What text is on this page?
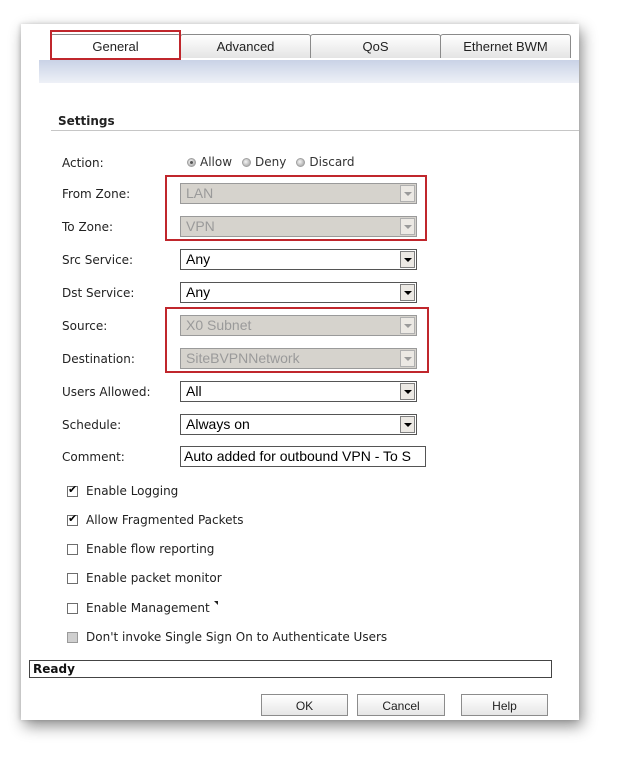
General	Advanced	QoS	Ethernet BWM
Settings
Action:	Allow Deny Discard
From Zone:	LAN
To Zone:	VPN
Src Service:	Any
Dst Service:	Any
Source:	X0 Subnet
Destination:	SiteBVPNNetwork
Users Allowed:	All
Schedule:	Always on
Comment:	Auto added for outbound VPN - To S
✔ Enable Logging
✔ Allow Fragmented Packets
Enable flow reporting
Enable packet monitor
Enable Management
Don't invoke Single Sign On to Authenticate Users
Ready
OK	Cancel	Help
